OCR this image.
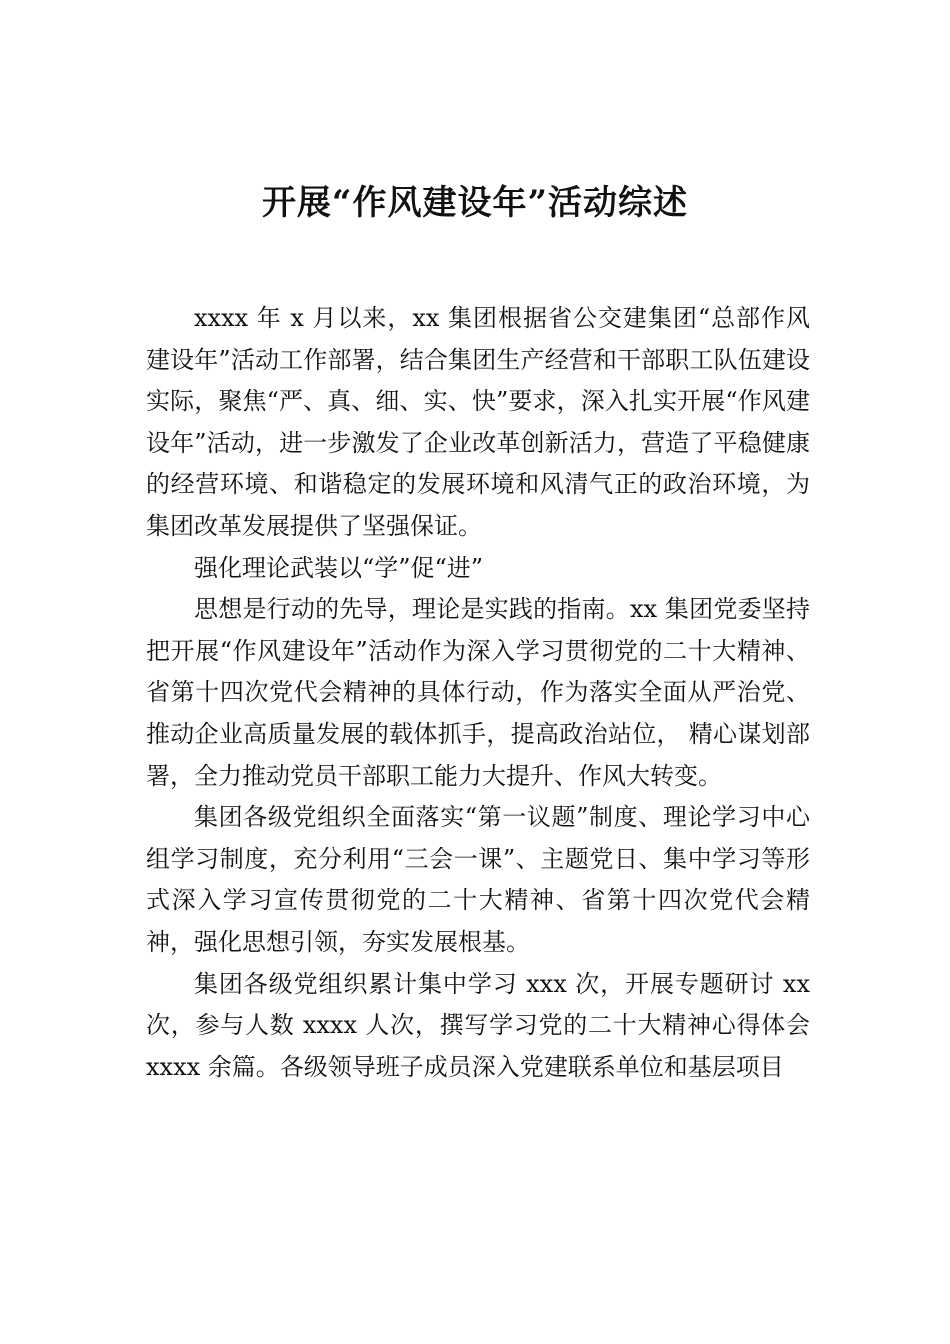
开展“作风建设年”活动综述

xxxx 年 x 月以来，xx 集团根据省公交建集团“总部作风建设年”活动工作部署，结合集团生产经营和干部职工队伍建设实际，聚焦“严、真、细、实、快”要求，深入扎实开展“作风建设年”活动，进一步激发了企业改革创新活力，营造了平稳健康的经营环境、和谐稳定的发展环境和风清气正的政治环境，为集团改革发展提供了坚强保证。

强化理论武装以“学”促“进”

思想是行动的先导，理论是实践的指南。xx 集团党委坚持把开展“作风建设年”活动作为深入学习贯彻党的二十大精神、省第十四次党代会精神的具体行动，作为落实全面从严治党、推动企业高质量发展的载体抓手，提高政治站位， 精心谋划部署，全力推动党员干部职工能力大提升、作风大转变。

集团各级党组织全面落实“第一议题”制度、理论学习中心组学习制度，充分利用“三会一课”、主题党日、集中学习等形式深入学习宣传贯彻党的二十大精神、省第十四次党代会精神，强化思想引领，夯实发展根基。

集团各级党组织累计集中学习 xxx 次，开展专题研讨 xx 次，参与人数 xxxx 人次，撰写学习党的二十大精神心得体会 xxxx 余篇。各级领导班子成员深入党建联系单位和基层项目
